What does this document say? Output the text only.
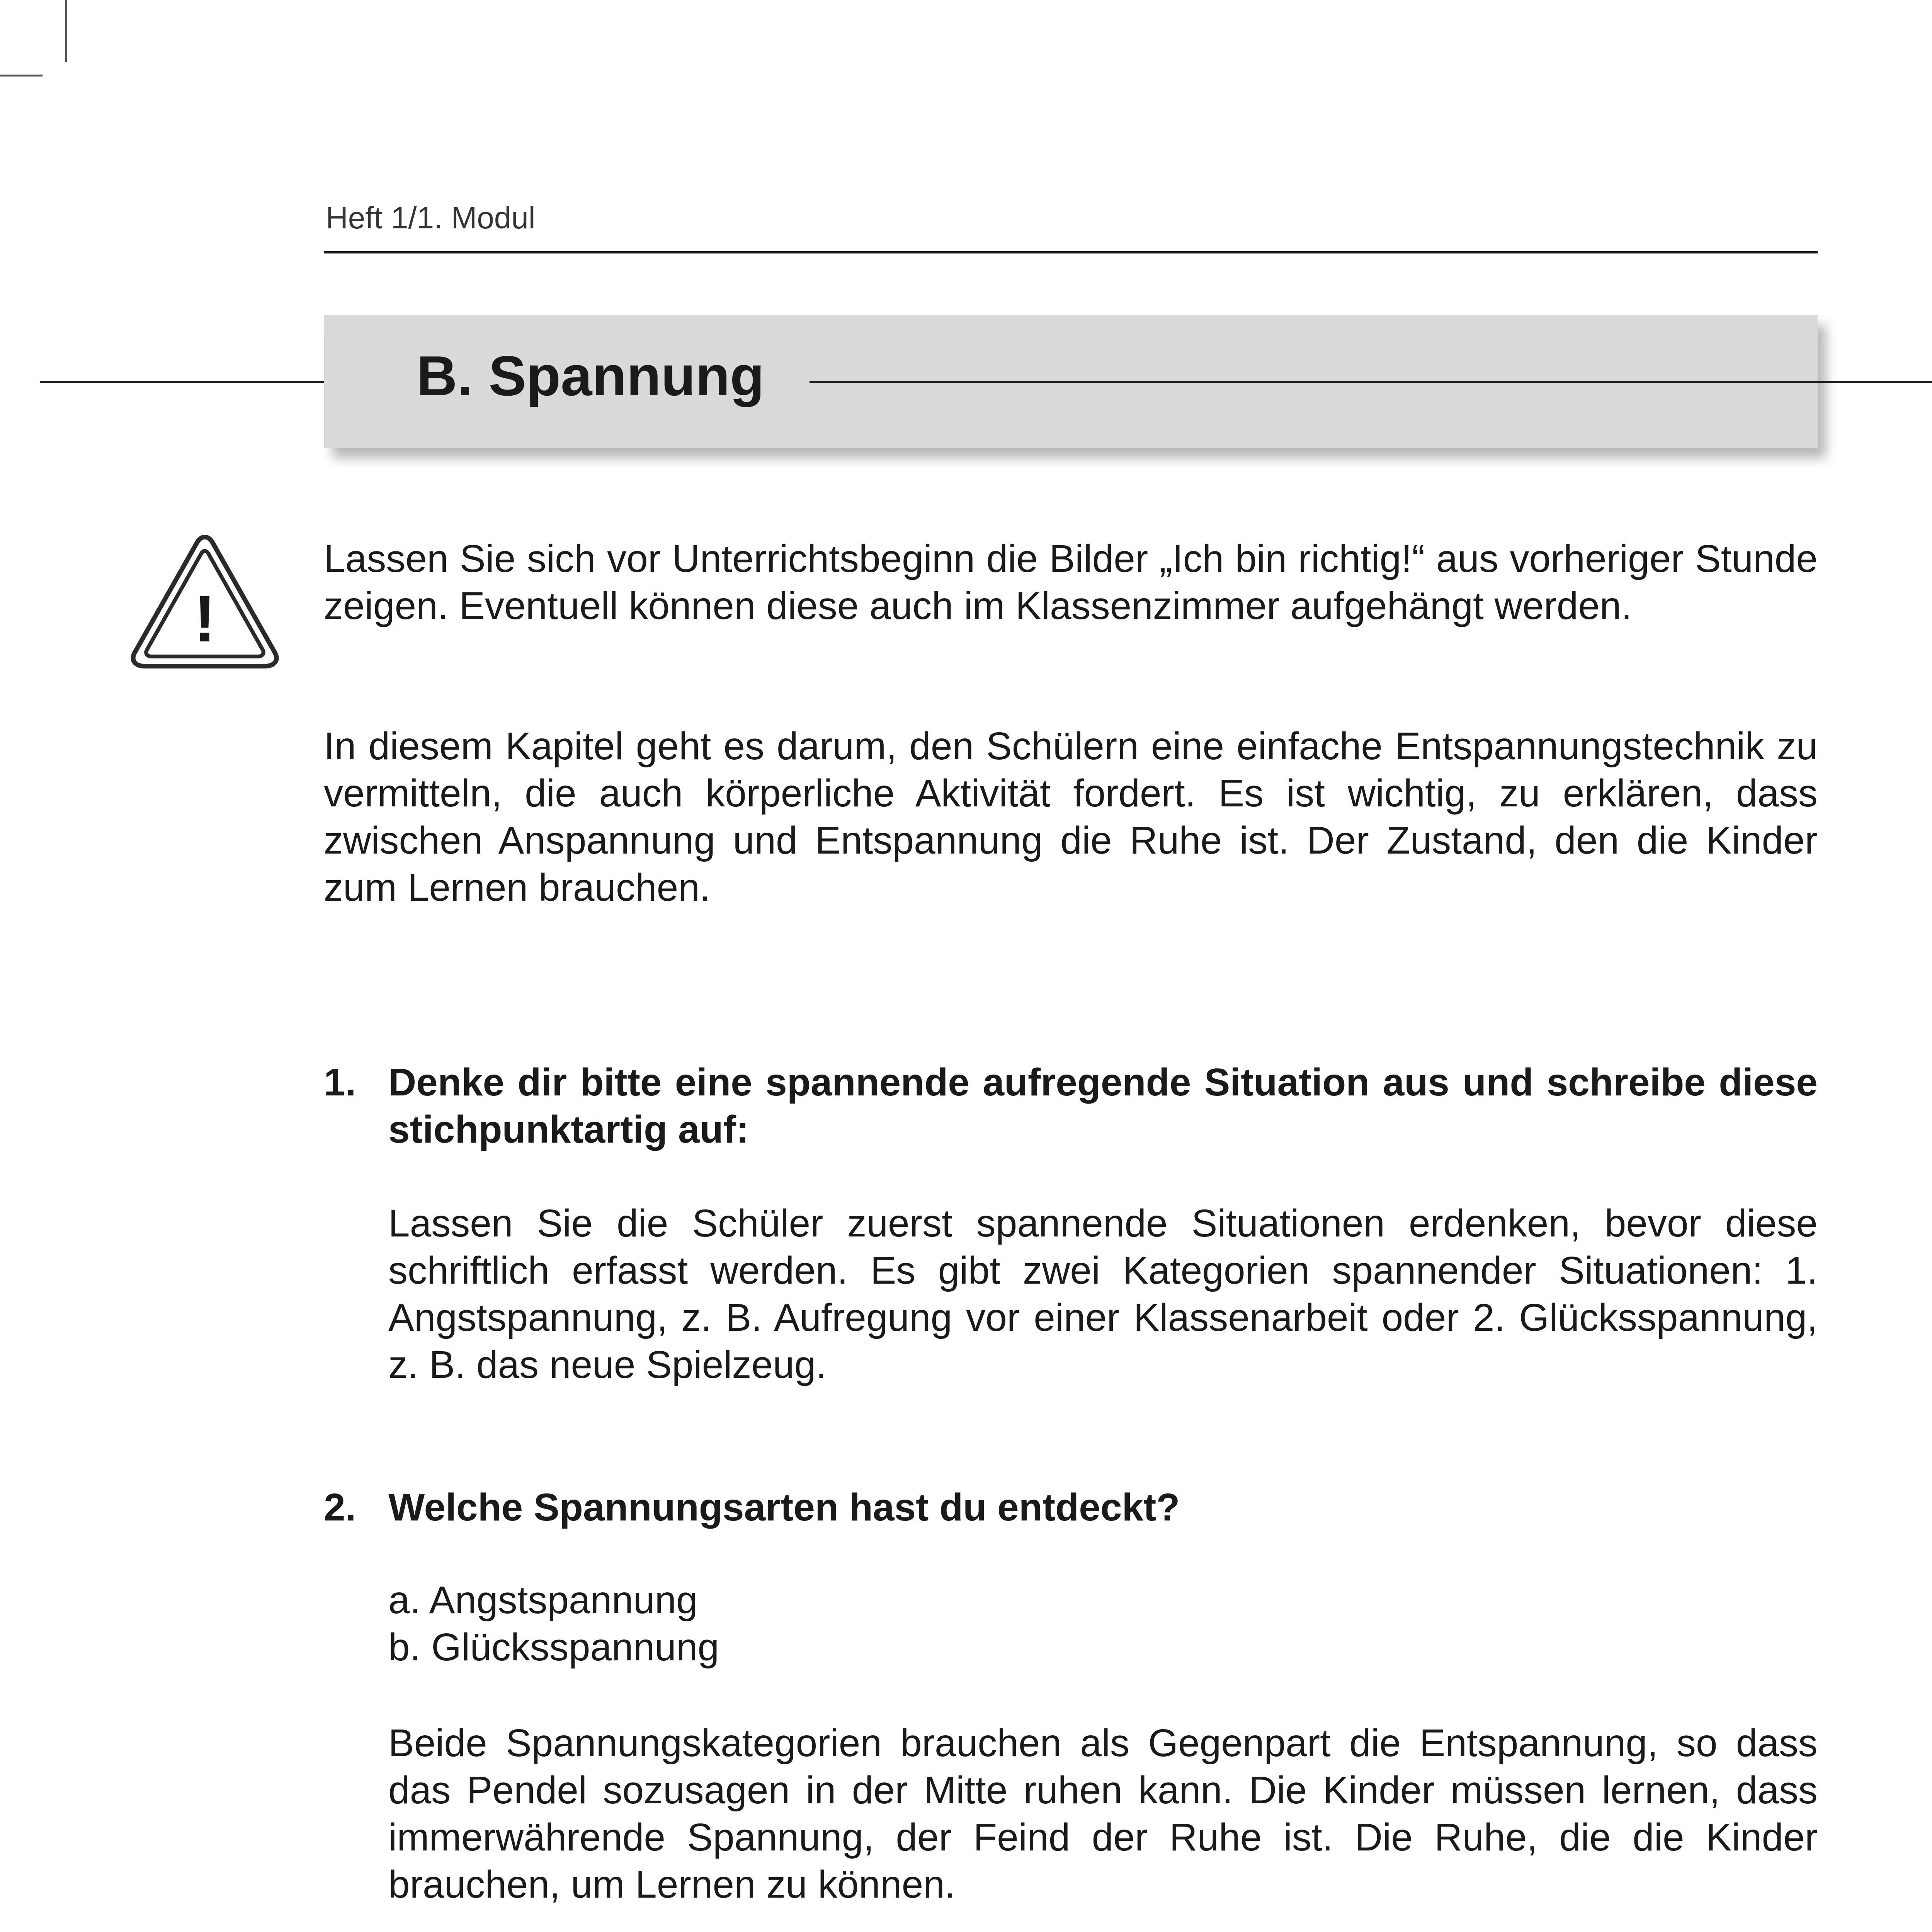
Heft 1/1. Modul
B. Spannung
!

Lassen Sie sich vor Unterrichtsbeginn die Bilder „Ich bin richtig!“ aus vorheriger Stunde zeigen. Eventuell können diese auch im Klassenzimmer aufgehängt werden.

In diesem Kapitel geht es darum, den Schülern eine einfache Entspannungstechnik zu vermitteln, die auch körperliche Aktivität fordert. Es ist wichtig, zu erklären, dass zwischen Anspannung und Entspannung die Ruhe ist. Der Zustand, den die Kinder zum Lernen brauchen.

1. Denke dir bitte eine spannende aufregende Situation aus und schreibe diese stichpunktartig auf:

Lassen Sie die Schüler zuerst spannende Situationen erdenken, bevor diese schriftlich erfasst werden. Es gibt zwei Kategorien spannender Situationen: 1. Angstspannung, z. B. Aufregung vor einer Klassenarbeit oder 2. Glücksspannung, z. B. das neue Spielzeug.

2. Welche Spannungsarten hast du entdeckt?

a. Angstspannung

b. Glücksspannung

Beide Spannungskategorien brauchen als Gegenpart die Entspannung, so dass das Pendel sozusagen in der Mitte ruhen kann. Die Kinder müssen lernen, dass immerwährende Spannung, der Feind der Ruhe ist. Die Ruhe, die die Kinder brauchen, um Lernen zu können.
